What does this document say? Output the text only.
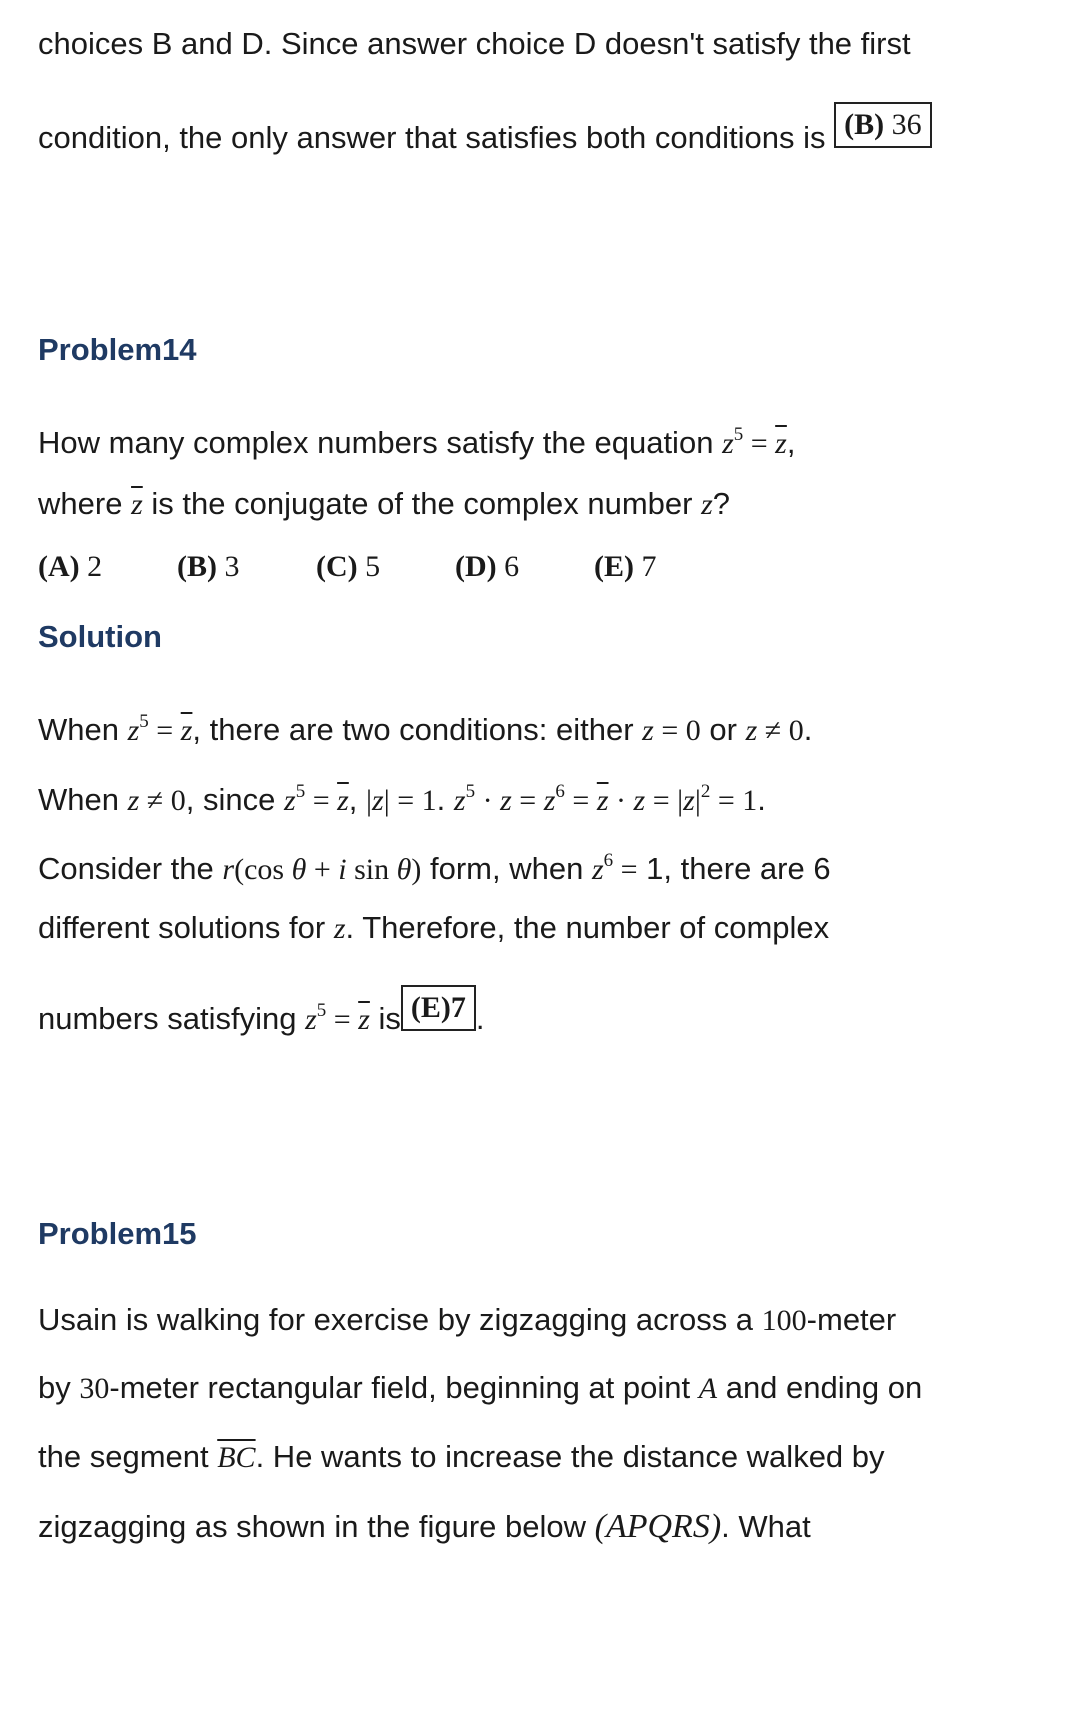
choices B and D. Since answer choice D doesn't satisfy the first
condition, the only answer that satisfies both conditions is (B) 36
Problem14
How many complex numbers satisfy the equation $z^5 = \overline{z}$,
where $\overline{z}$ is the conjugate of the complex number z?
(A) 2 (B) 3	(C) 5 (D) 6 (E) 7
Solution
When $z^5 = \overline{z}$, there are two conditions: either z = 0 or z ≠ 0.
When z ≠ 0, since $z^5 = \overline{z}$, |z| = 1. $z^5 \cdot z = z^6 = \overline{z} \cdot z = |z|^2 = 1$.
Consider the r(cos θ + i sin θ) form, when $z^6 = 1$, there are 6
different solutions for z. Therefore, the number of complex
numbers satisfying $z^5 = \overline{z}$ is (E)7 .
Problem15
Usain is walking for exercise by zigzagging across a 100-meter
by 30-meter rectangular field, beginning at point A and ending on
the segment $\overline{BC}$. He wants to increase the distance walked by
zigzagging as shown in the figure below (APQRS). What
